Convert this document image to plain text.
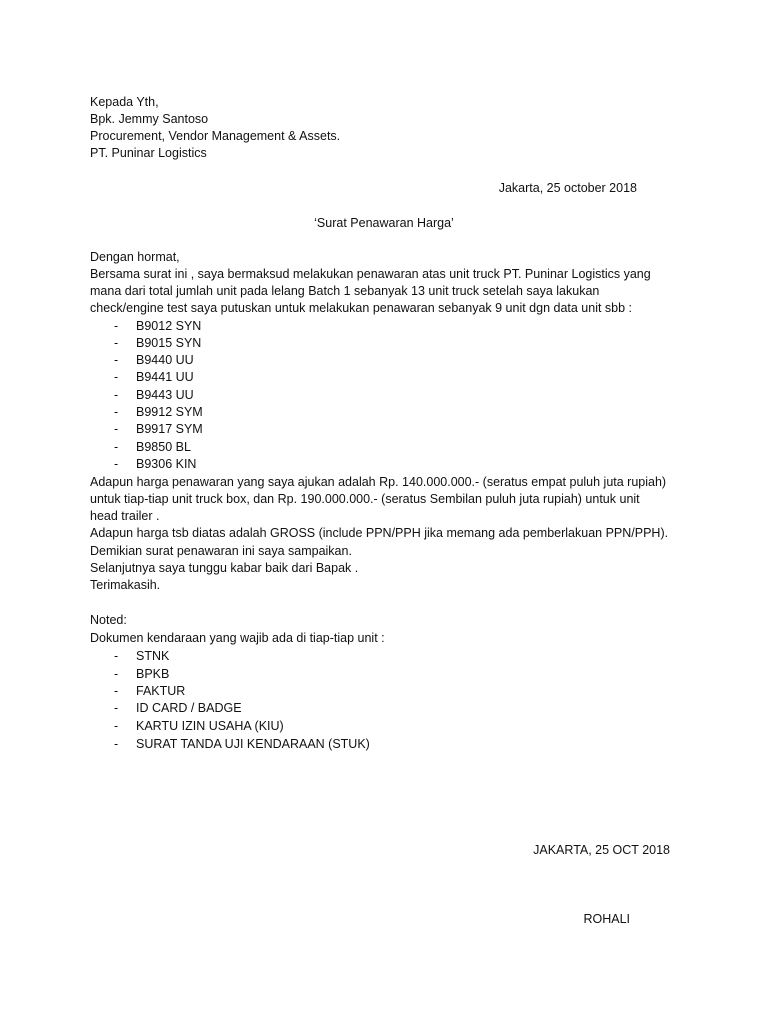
Kepada Yth,
Bpk. Jemmy Santoso
Procurement, Vendor Management & Assets.
PT. Puninar Logistics
Jakarta, 25 october 2018
‘Surat Penawaran Harga’
Dengan hormat,
Bersama surat ini , saya bermaksud melakukan penawaran atas unit truck PT. Puninar Logistics yang
mana dari total jumlah unit pada lelang Batch 1 sebanyak 13 unit truck setelah saya lakukan
check/engine test saya putuskan untuk melakukan penawaran sebanyak 9 unit dgn data unit sbb :
- B9012 SYN
- B9015 SYN
- B9440 UU
- B9441 UU
- B9443 UU
- B9912 SYM
- B9917 SYM
- B9850 BL
- B9306 KIN
Adapun harga penawaran yang saya ajukan adalah Rp. 140.000.000.- (seratus empat puluh juta rupiah)
untuk tiap-tiap unit truck box, dan Rp. 190.000.000.- (seratus Sembilan puluh juta rupiah) untuk unit
head trailer .
Adapun harga tsb diatas adalah GROSS (include PPN/PPH jika memang ada pemberlakuan PPN/PPH).
Demikian surat penawaran ini saya sampaikan.
Selanjutnya saya tunggu kabar baik dari Bapak .
Terimakasih.
Noted:
Dokumen kendaraan yang wajib ada di tiap-tiap unit :
- STNK
- BPKB
- FAKTUR
- ID CARD / BADGE
- KARTU IZIN USAHA (KIU)
- SURAT TANDA UJI KENDARAAN (STUK)
JAKARTA, 25 OCT 2018
ROHALI
